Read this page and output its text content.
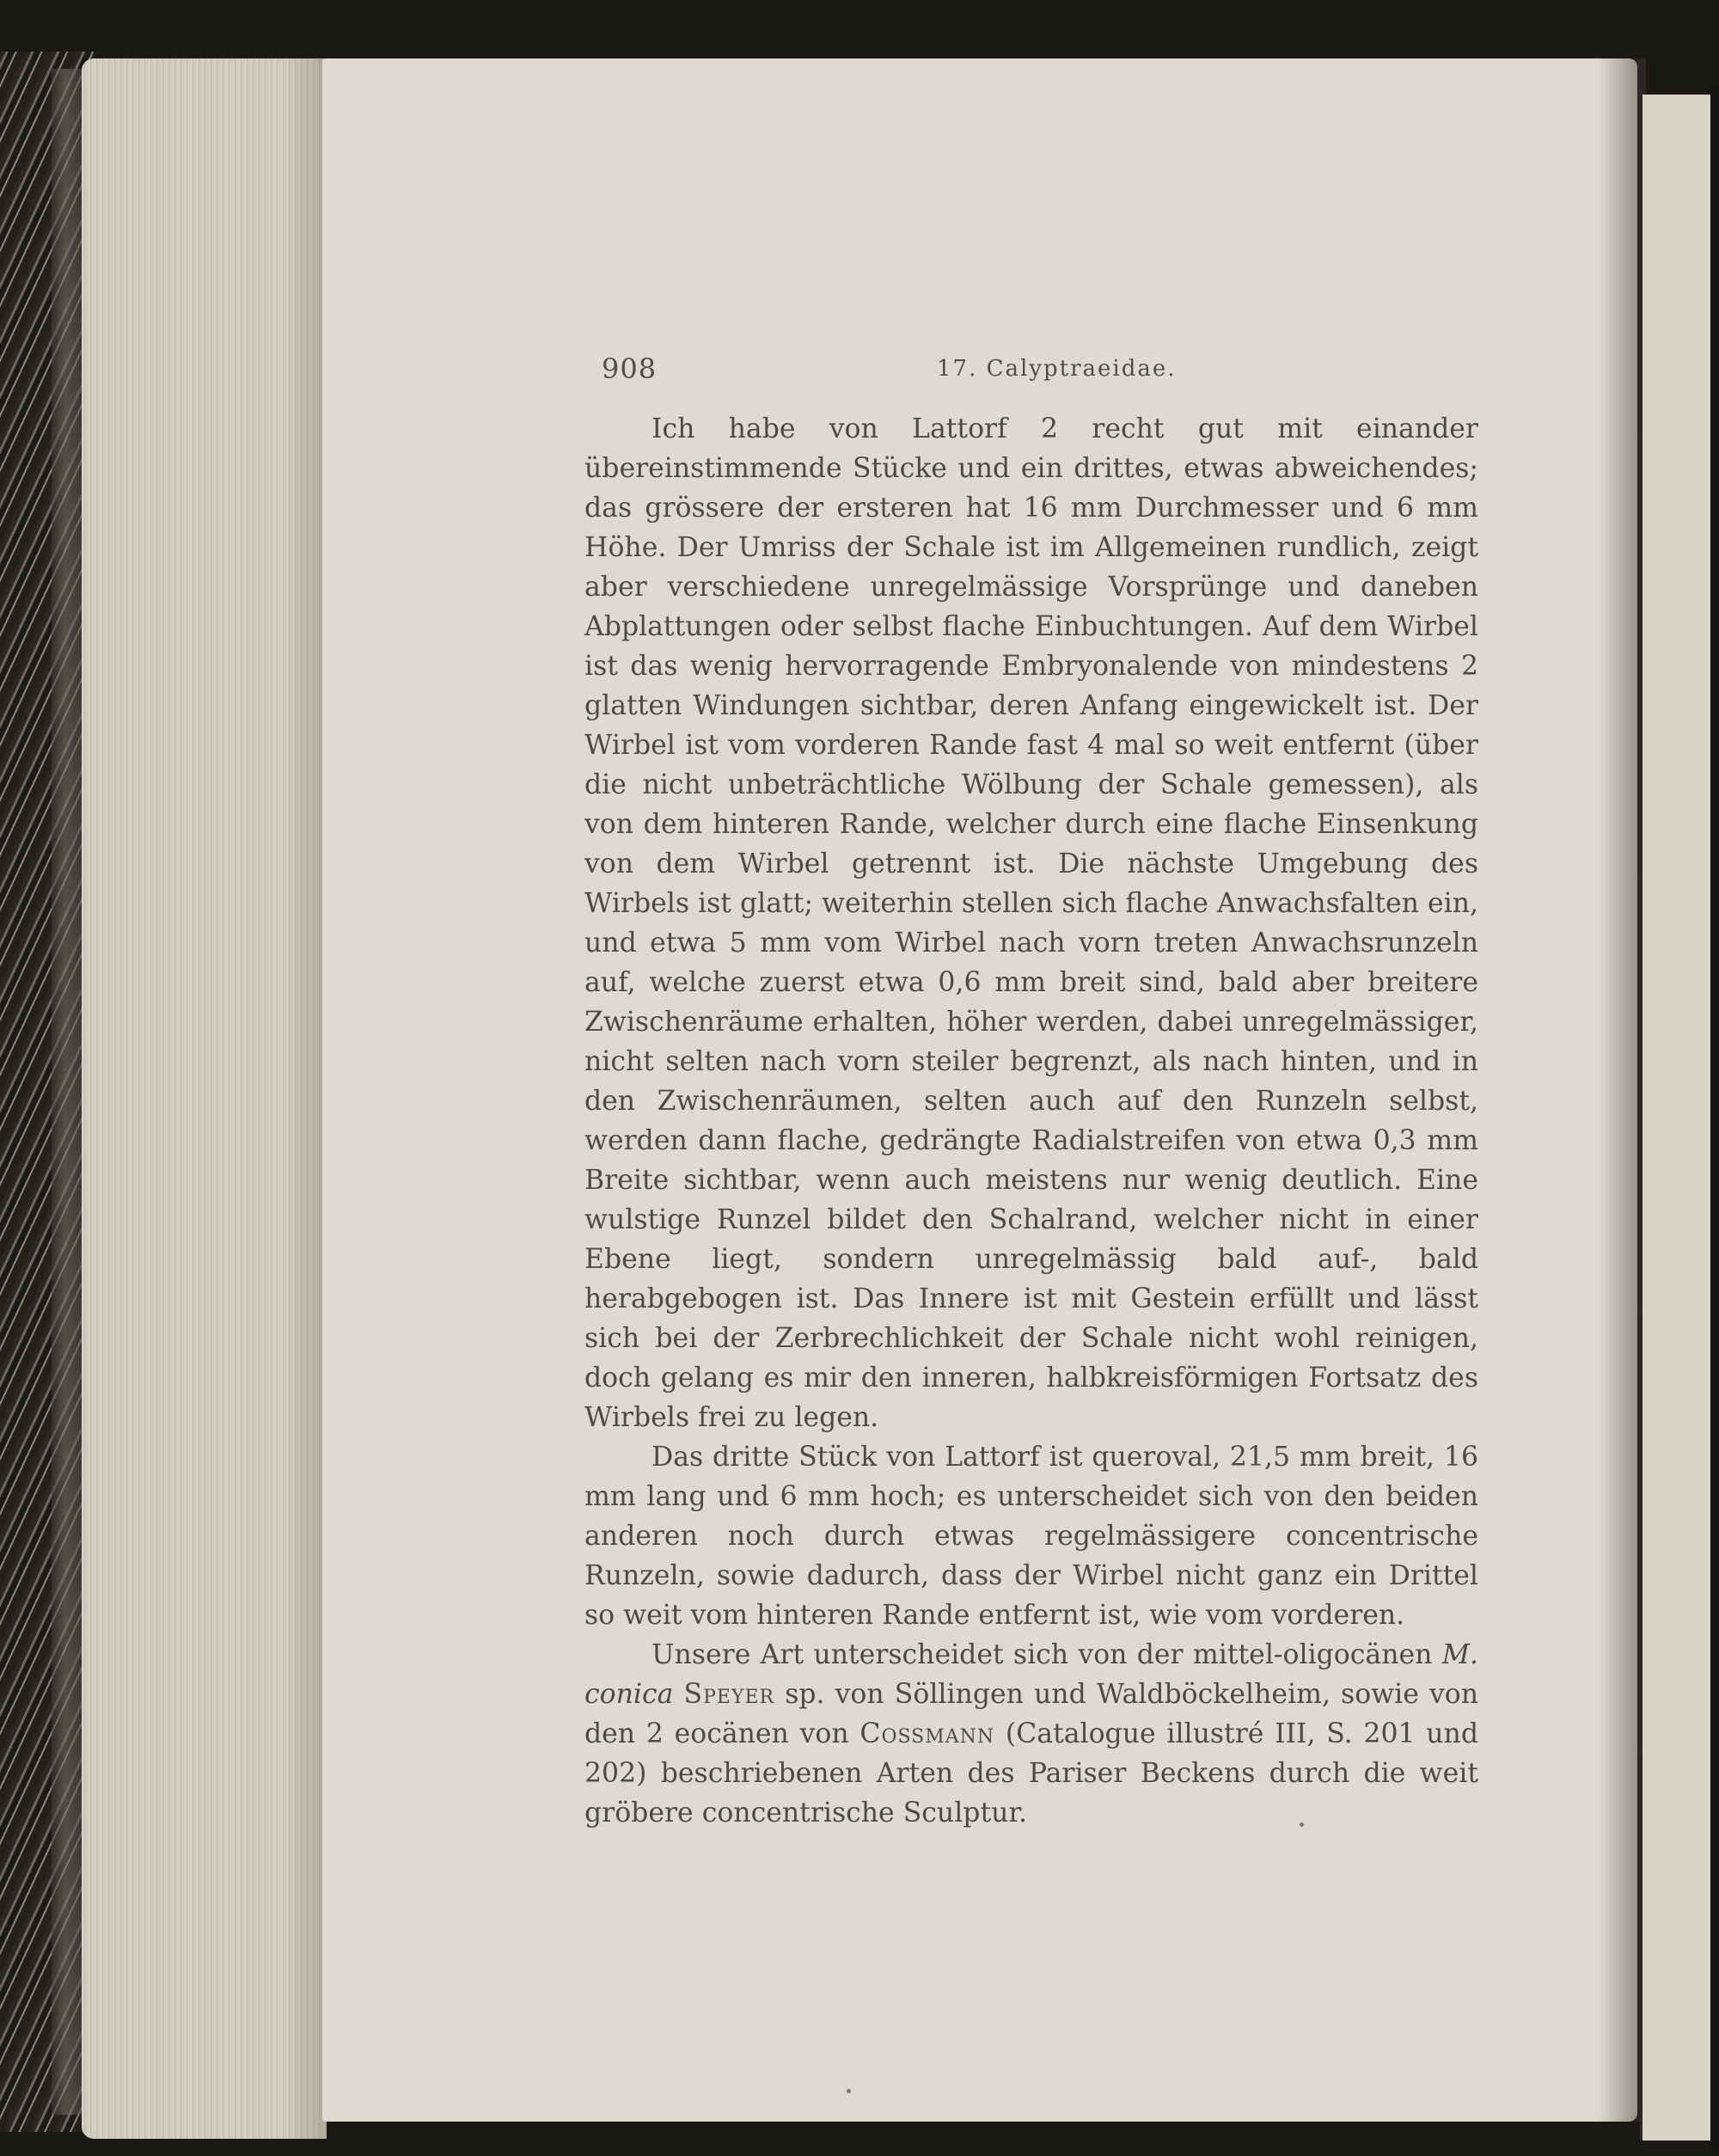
908	17. Calyptraeidae.

Ich habe von Lattorf 2 recht gut mit einander übereinstimmende Stücke und ein drittes, etwas abweichendes; das grössere der ersteren hat 16 mm Durchmesser und 6 mm Höhe. Der Umriss der Schale ist im Allgemeinen rundlich, zeigt aber verschiedene unregelmässige Vorsprünge und daneben Abplattungen oder selbst flache Einbuchtungen. Auf dem Wirbel ist das wenig hervorragende Embryonalende von mindestens 2 glatten Windungen sichtbar, deren Anfang eingewickelt ist. Der Wirbel ist vom vorderen Rande fast 4 mal so weit entfernt (über die nicht unbeträchtliche Wölbung der Schale gemessen), als von dem hinteren Rande, welcher durch eine flache Einsenkung von dem Wirbel getrennt ist. Die nächste Umgebung des Wirbels ist glatt; weiterhin stellen sich flache Anwachsfalten ein, und etwa 5 mm vom Wirbel nach vorn treten Anwachsrunzeln auf, welche zuerst etwa 0,6 mm breit sind, bald aber breitere Zwischenräume erhalten, höher werden, dabei unregelmässiger, nicht selten nach vorn steiler begrenzt, als nach hinten, und in den Zwischenräumen, selten auch auf den Runzeln selbst, werden dann flache, gedrängte Radialstreifen von etwa 0,3 mm Breite sichtbar, wenn auch meistens nur wenig deutlich. Eine wulstige Runzel bildet den Schalrand, welcher nicht in einer Ebene liegt, sondern unregelmässig bald auf-, bald herabgebogen ist. Das Innere ist mit Gestein erfüllt und lässt sich bei der Zerbrechlichkeit der Schale nicht wohl reinigen, doch gelang es mir den inneren, halbkreisförmigen Fortsatz des Wirbels frei zu legen.

Das dritte Stück von Lattorf ist queroval, 21,5 mm breit, 16 mm lang und 6 mm hoch; es unterscheidet sich von den beiden anderen noch durch etwas regelmässigere concentrische Runzeln, sowie dadurch, dass der Wirbel nicht ganz ein Drittel so weit vom hinteren Rande entfernt ist, wie vom vorderen.

Unsere Art unterscheidet sich von der mittel-oligocänen M. conica Speyer sp. von Söllingen und Waldböckelheim, sowie von den 2 eocänen von Cossmann (Catalogue illustré III, S. 201 und 202) beschriebenen Arten des Pariser Beckens durch die weit gröbere concentrische Sculptur.
